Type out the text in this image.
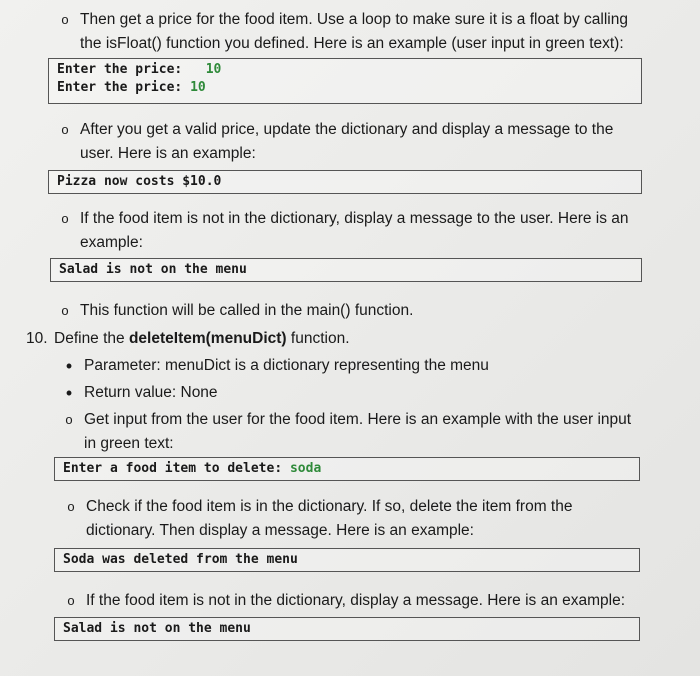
o Then get a price for the food item. Use a loop to make sure it is a float by calling
the isFloat() function you defined. Here is an example (user input in green text):
Enter the price: 10
Enter the price: 10
o After you get a valid price, update the dictionary and display a message to the
user. Here is an example:
Pizza now costs $10.0
o If the food item is not in the dictionary, display a message to the user. Here is an
example:
Salad is not on the menu
o This function will be called in the main() function.
10. Define the deleteItem(menuDict) function.
• Parameter: menuDict is a dictionary representing the menu
• Return value: None
o Get input from the user for the food item. Here is an example with the user input
in green text:
Enter a food item to delete: soda
o Check if the food item is in the dictionary. If so, delete the item from the
dictionary. Then display a message. Here is an example:
Soda was deleted from the menu
o If the food item is not in the dictionary, display a message. Here is an example:
Salad is not on the menu
